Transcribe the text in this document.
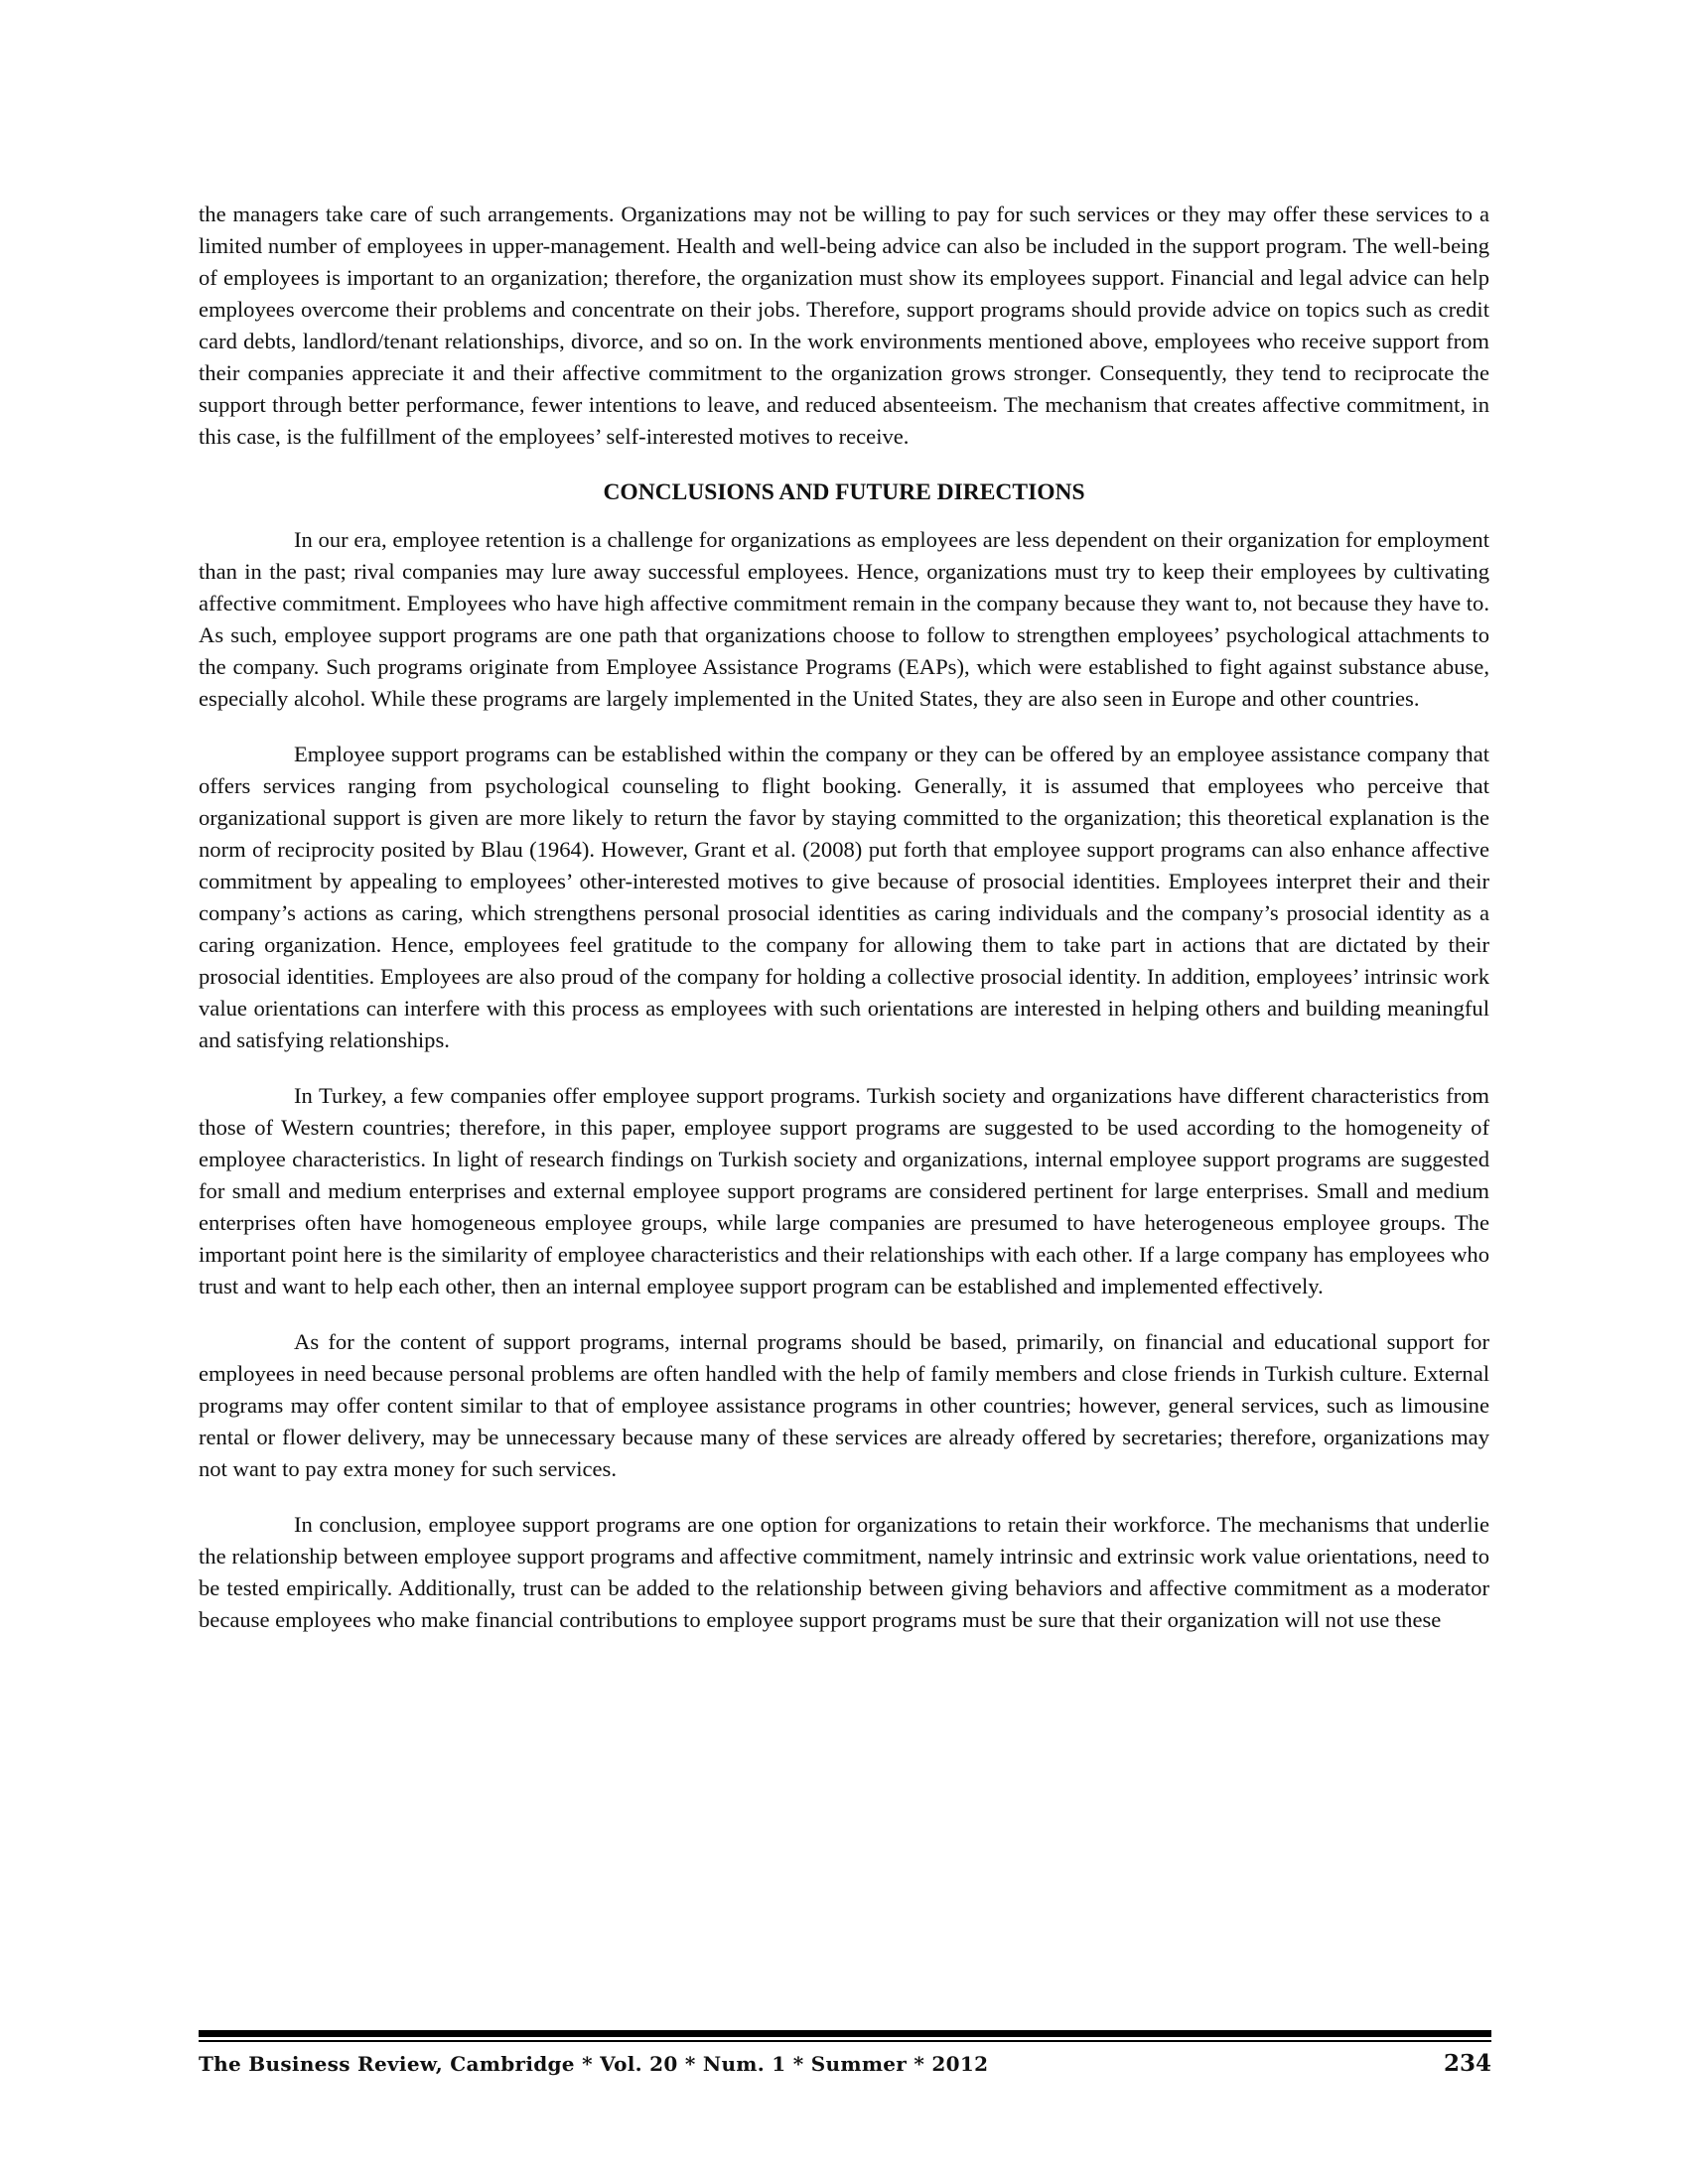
the managers take care of such arrangements. Organizations may not be willing to pay for such services or they may offer these services to a limited number of employees in upper-management. Health and well-being advice can also be included in the support program. The well-being of employees is important to an organization; therefore, the organization must show its employees support. Financial and legal advice can help employees overcome their problems and concentrate on their jobs. Therefore, support programs should provide advice on topics such as credit card debts, landlord/tenant relationships, divorce, and so on. In the work environments mentioned above, employees who receive support from their companies appreciate it and their affective commitment to the organization grows stronger. Consequently, they tend to reciprocate the support through better performance, fewer intentions to leave, and reduced absenteeism. The mechanism that creates affective commitment, in this case, is the fulfillment of the employees’ self-interested motives to receive.

CONCLUSIONS AND FUTURE DIRECTIONS

In our era, employee retention is a challenge for organizations as employees are less dependent on their organization for employment than in the past; rival companies may lure away successful employees. Hence, organizations must try to keep their employees by cultivating affective commitment. Employees who have high affective commitment remain in the company because they want to, not because they have to. As such, employee support programs are one path that organizations choose to follow to strengthen employees’ psychological attachments to the company. Such programs originate from Employee Assistance Programs (EAPs), which were established to fight against substance abuse, especially alcohol. While these programs are largely implemented in the United States, they are also seen in Europe and other countries.

Employee support programs can be established within the company or they can be offered by an employee assistance company that offers services ranging from psychological counseling to flight booking. Generally, it is assumed that employees who perceive that organizational support is given are more likely to return the favor by staying committed to the organization; this theoretical explanation is the norm of reciprocity posited by Blau (1964). However, Grant et al. (2008) put forth that employee support programs can also enhance affective commitment by appealing to employees’ other-interested motives to give because of prosocial identities. Employees interpret their and their company’s actions as caring, which strengthens personal prosocial identities as caring individuals and the company’s prosocial identity as a caring organization. Hence, employees feel gratitude to the company for allowing them to take part in actions that are dictated by their prosocial identities. Employees are also proud of the company for holding a collective prosocial identity. In addition, employees’ intrinsic work value orientations can interfere with this process as employees with such orientations are interested in helping others and building meaningful and satisfying relationships.

In Turkey, a few companies offer employee support programs. Turkish society and organizations have different characteristics from those of Western countries; therefore, in this paper, employee support programs are suggested to be used according to the homogeneity of employee characteristics. In light of research findings on Turkish society and organizations, internal employee support programs are suggested for small and medium enterprises and external employee support programs are considered pertinent for large enterprises. Small and medium enterprises often have homogeneous employee groups, while large companies are presumed to have heterogeneous employee groups. The important point here is the similarity of employee characteristics and their relationships with each other. If a large company has employees who trust and want to help each other, then an internal employee support program can be established and implemented effectively.

As for the content of support programs, internal programs should be based, primarily, on financial and educational support for employees in need because personal problems are often handled with the help of family members and close friends in Turkish culture. External programs may offer content similar to that of employee assistance programs in other countries; however, general services, such as limousine rental or flower delivery, may be unnecessary because many of these services are already offered by secretaries; therefore, organizations may not want to pay extra money for such services.

In conclusion, employee support programs are one option for organizations to retain their workforce. The mechanisms that underlie the relationship between employee support programs and affective commitment, namely intrinsic and extrinsic work value orientations, need to be tested empirically. Additionally, trust can be added to the relationship between giving behaviors and affective commitment as a moderator because employees who make financial contributions to employee support programs must be sure that their organization will not use these

The Business Review, Cambridge * Vol. 20 * Num. 1 * Summer * 2012	234
